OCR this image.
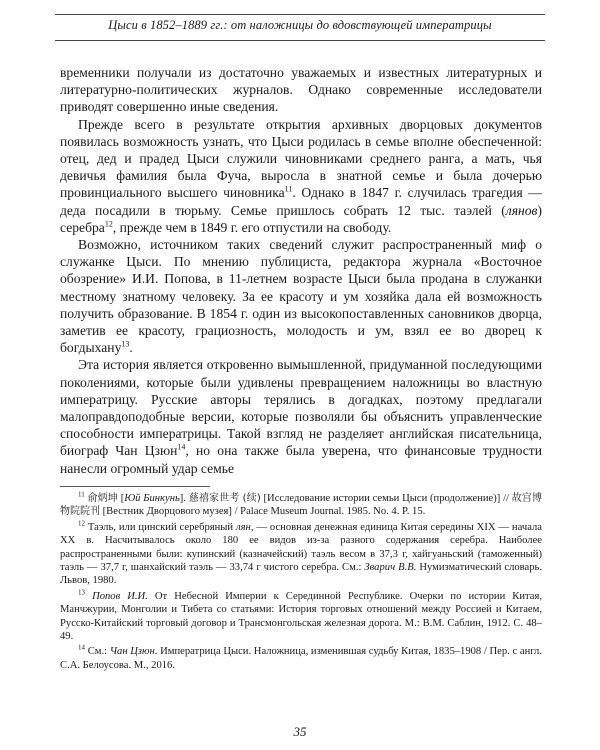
Цыси в 1852–1889 гг.: от наложницы до вдовствующей императрицы

временники получали из достаточно уважаемых и известных литературных и литературно-политических журналов. Однако современные исследователи приводят совершенно иные сведения.

Прежде всего в результате открытия архивных дворцовых документов появилась возможность узнать, что Цыси родилась в семье вполне обеспеченной: отец, дед и прадед Цыси служили чиновниками среднего ранга, а мать, чья девичья фамилия была Фуча, выросла в знатной семье и была дочерью провинциального высшего чиновника$^{11}$. Однако в 1847 г. случилась трагедия — деда посадили в тюрьму. Семье пришлось собрать 12 тыс. таэлей (лянов) серебра$^{12}$, прежде чем в 1849 г. его отпустили на свободу.

Возможно, источником таких сведений служит распространенный миф о служанке Цыси. По мнению публициста, редактора журнала «Восточное обозрение» И.И. Попова, в 11-летнем возрасте Цыси была продана в служанки местному знатному человеку. За ее красоту и ум хозяйка дала ей возможность получить образование. В 1854 г. один из высокопоставленных сановников дворца, заметив ее красоту, грациозность, молодость и ум, взял ее во дворец к богдыхану$^{13}$.

Эта история является откровенно вымышленной, придуманной последующими поколениями, которые были удивлены превращением наложницы во властную императрицу. Русские авторы терялись в догадках, поэтому предлагали малоправдоподобные версии, которые позволяли бы объяснить управленческие способности императрицы. Такой взгляд не разделяет английская писательница, биограф Чан Цзюн$^{14}$, но она также была уверена, что финансовые трудности нанесли огромный удар семье

$^{11}$ 俞炳坤 [Юй Бинкунь]. 慈禧家世考 (续) [Исследование истории семьи Цыси (продолжение)] // 故宫博物院院刊 [Вестник Дворцового музея] / Palace Museum Journal. 1985. No. 4. P. 15.

$^{12}$ Таэль, или цинский серебряный лян, — основная денежная единица Китая середины XIX — начала XX в. Насчитывалось около 180 ее видов из-за разного содержания серебра. Наиболее распространенными были: купинский (казначейский) таэль весом в 37,3 г, хайгуаньский (таможенный) таэль — 37,7 г, шанхайский таэль — 33,74 г чистого серебра. См.: Зварич В.В. Нумизматический словарь. Львов, 1980.

$^{13}$ Попов И.И. От Небесной Империи к Серединной Республике. Очерки по истории Китая, Манчжурии, Монголии и Тибета со статьями: История торговых отношений между Россией и Китаем, Русско-Китайский торговый договор и Трансмонгольская железная дорога. М.: В.М. Саблин, 1912. С. 48–49.

$^{14}$ См.: Чан Цзюн. Императрица Цыси. Наложница, изменившая судьбу Китая, 1835–1908 / Пер. с англ. С.А. Белоусова. М., 2016.

35
